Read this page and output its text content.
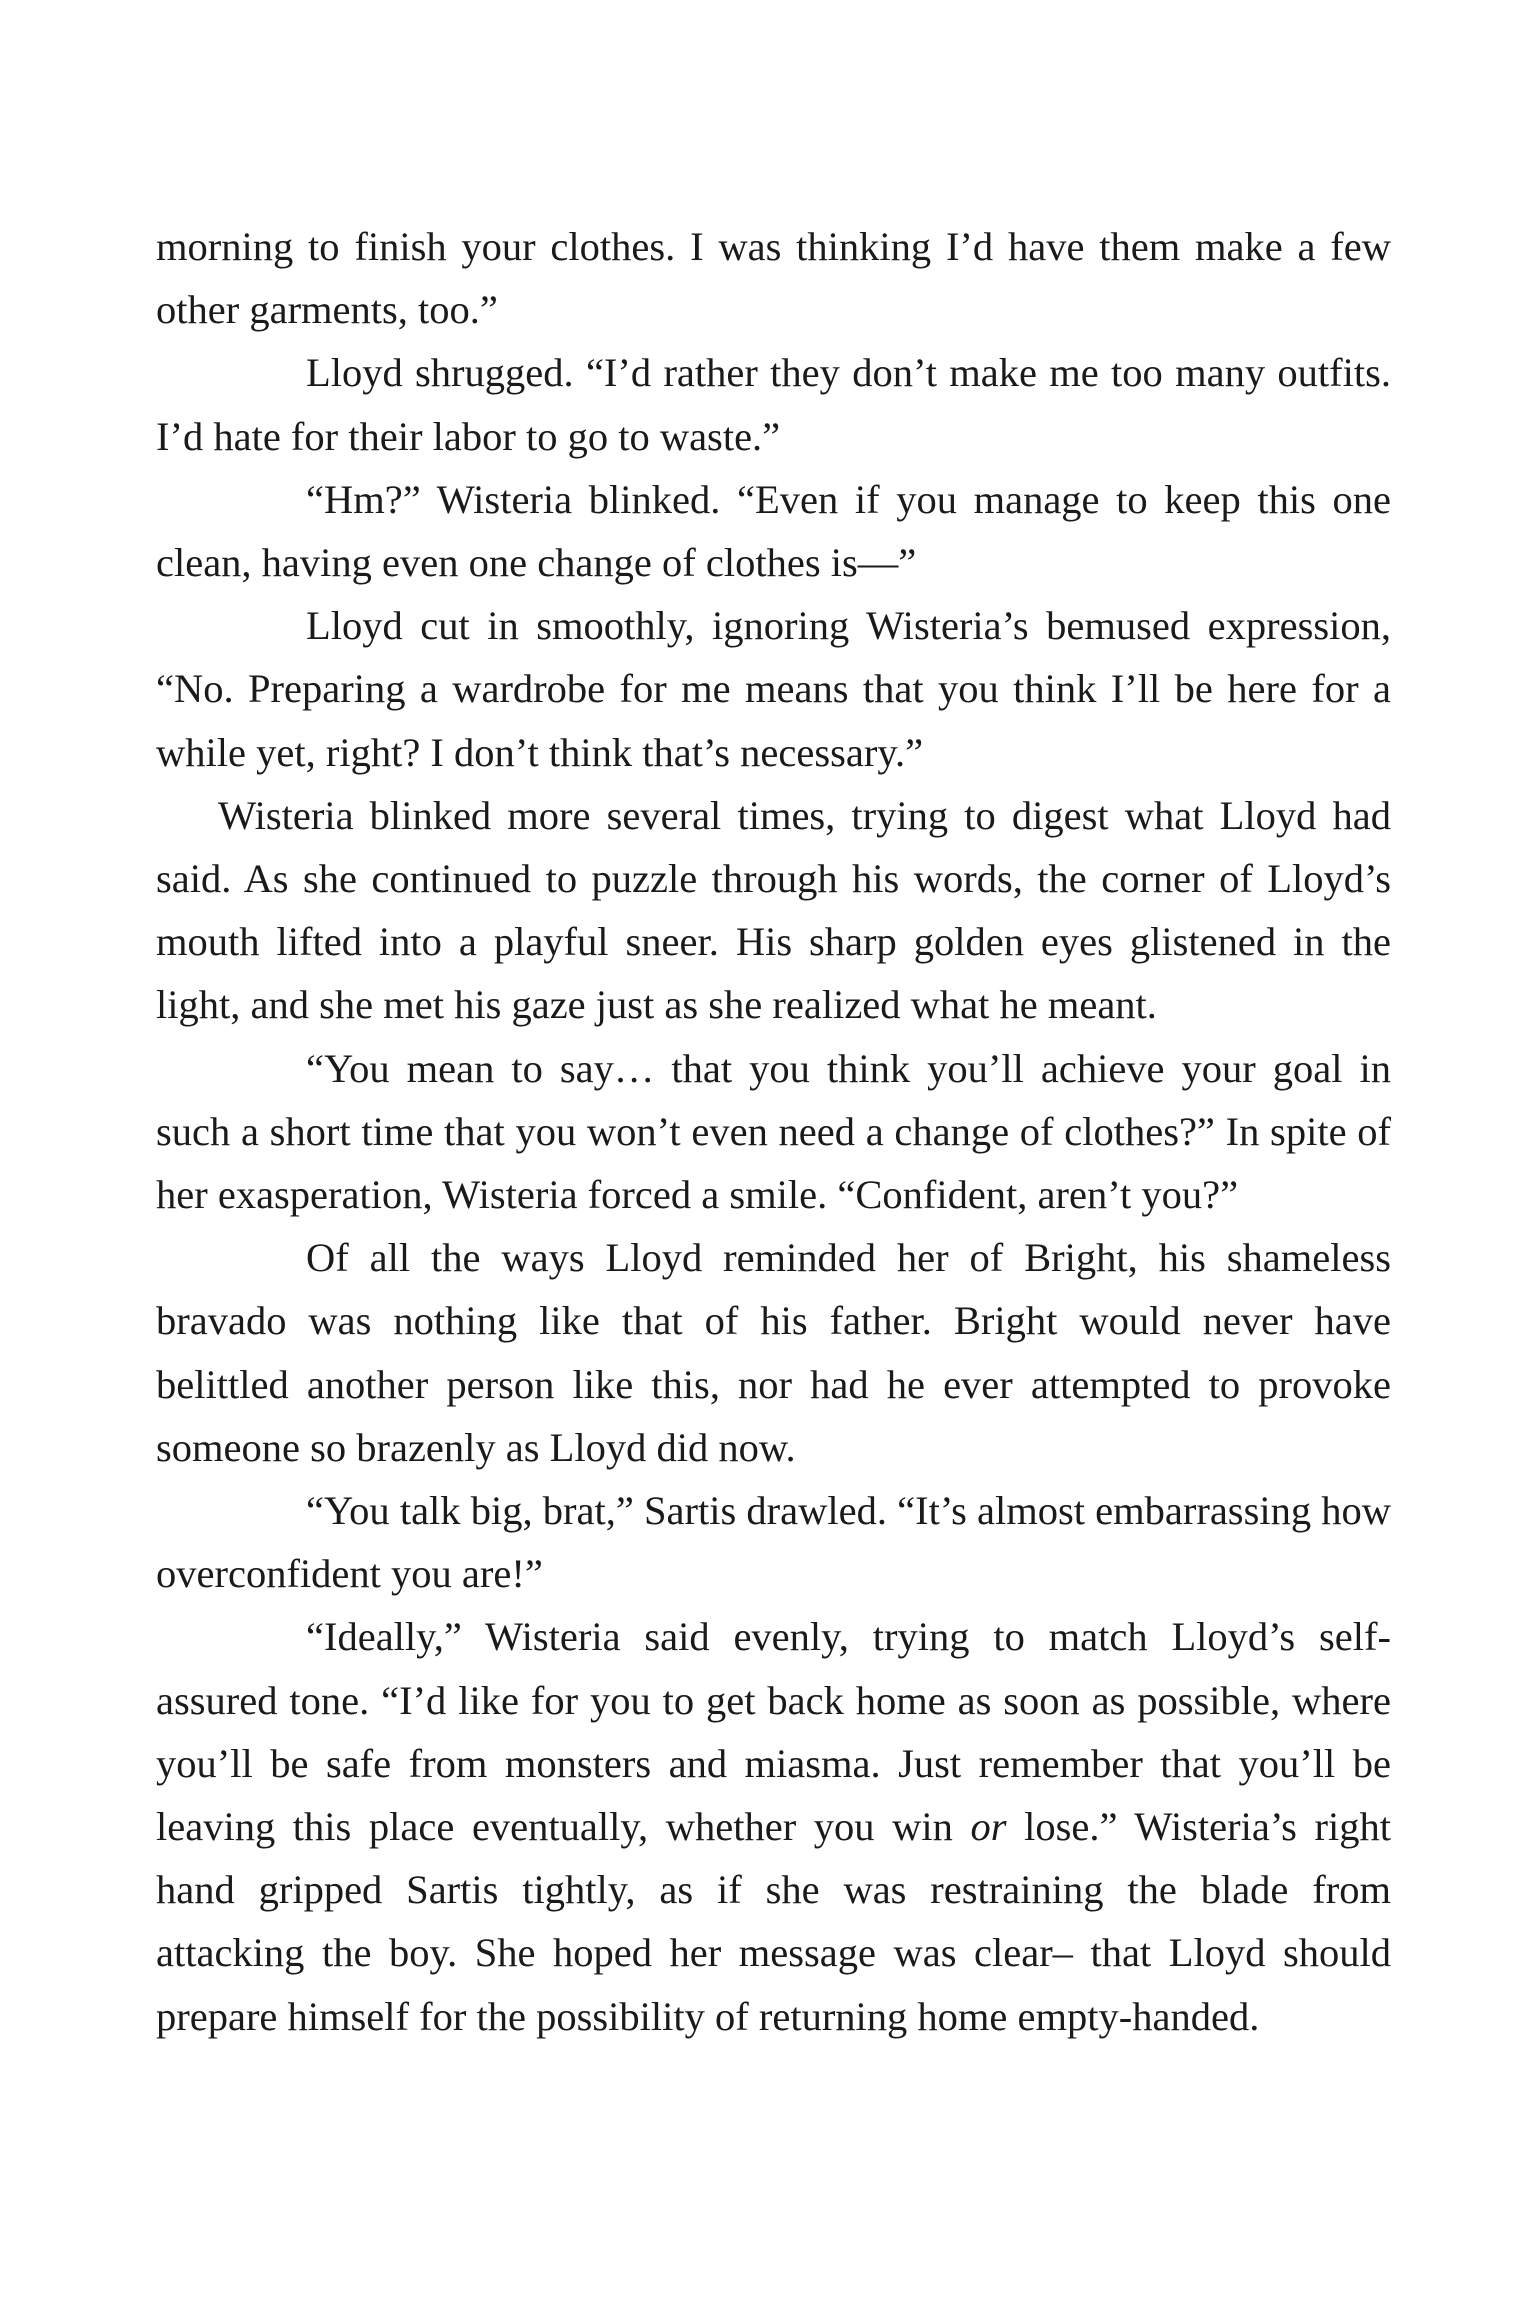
morning to finish your clothes. I was thinking I’d have them make a few other garments, too.”

Lloyd shrugged. “I’d rather they don’t make me too many outfits. I’d hate for their labor to go to waste.”

“Hm?” Wisteria blinked. “Even if you manage to keep this one clean, having even one change of clothes is—”

Lloyd cut in smoothly, ignoring Wisteria’s bemused expression, “No. Preparing a wardrobe for me means that you think I’ll be here for a while yet, right? I don’t think that’s necessary.”

Wisteria blinked more several times, trying to digest what Lloyd had said. As she continued to puzzle through his words, the corner of Lloyd’s mouth lifted into a playful sneer. His sharp golden eyes glistened in the light, and she met his gaze just as she realized what he meant.

“You mean to say… that you think you’ll achieve your goal in such a short time that you won’t even need a change of clothes?” In spite of her exasperation, Wisteria forced a smile. “Confident, aren’t you?”

Of all the ways Lloyd reminded her of Bright, his shameless bravado was nothing like that of his father. Bright would never have belittled another person like this, nor had he ever attempted to provoke someone so brazenly as Lloyd did now.

“You talk big, brat,” Sartis drawled. “It’s almost embarrassing how overconfident you are!”

“Ideally,” Wisteria said evenly, trying to match Lloyd’s self-assured tone. “I’d like for you to get back home as soon as possible, where you’ll be safe from monsters and miasma. Just remember that you’ll be leaving this place eventually, whether you win or lose.” Wisteria’s right hand gripped Sartis tightly, as if she was restraining the blade from attacking the boy. She hoped her message was clear– that Lloyd should prepare himself for the possibility of returning home empty-handed.
